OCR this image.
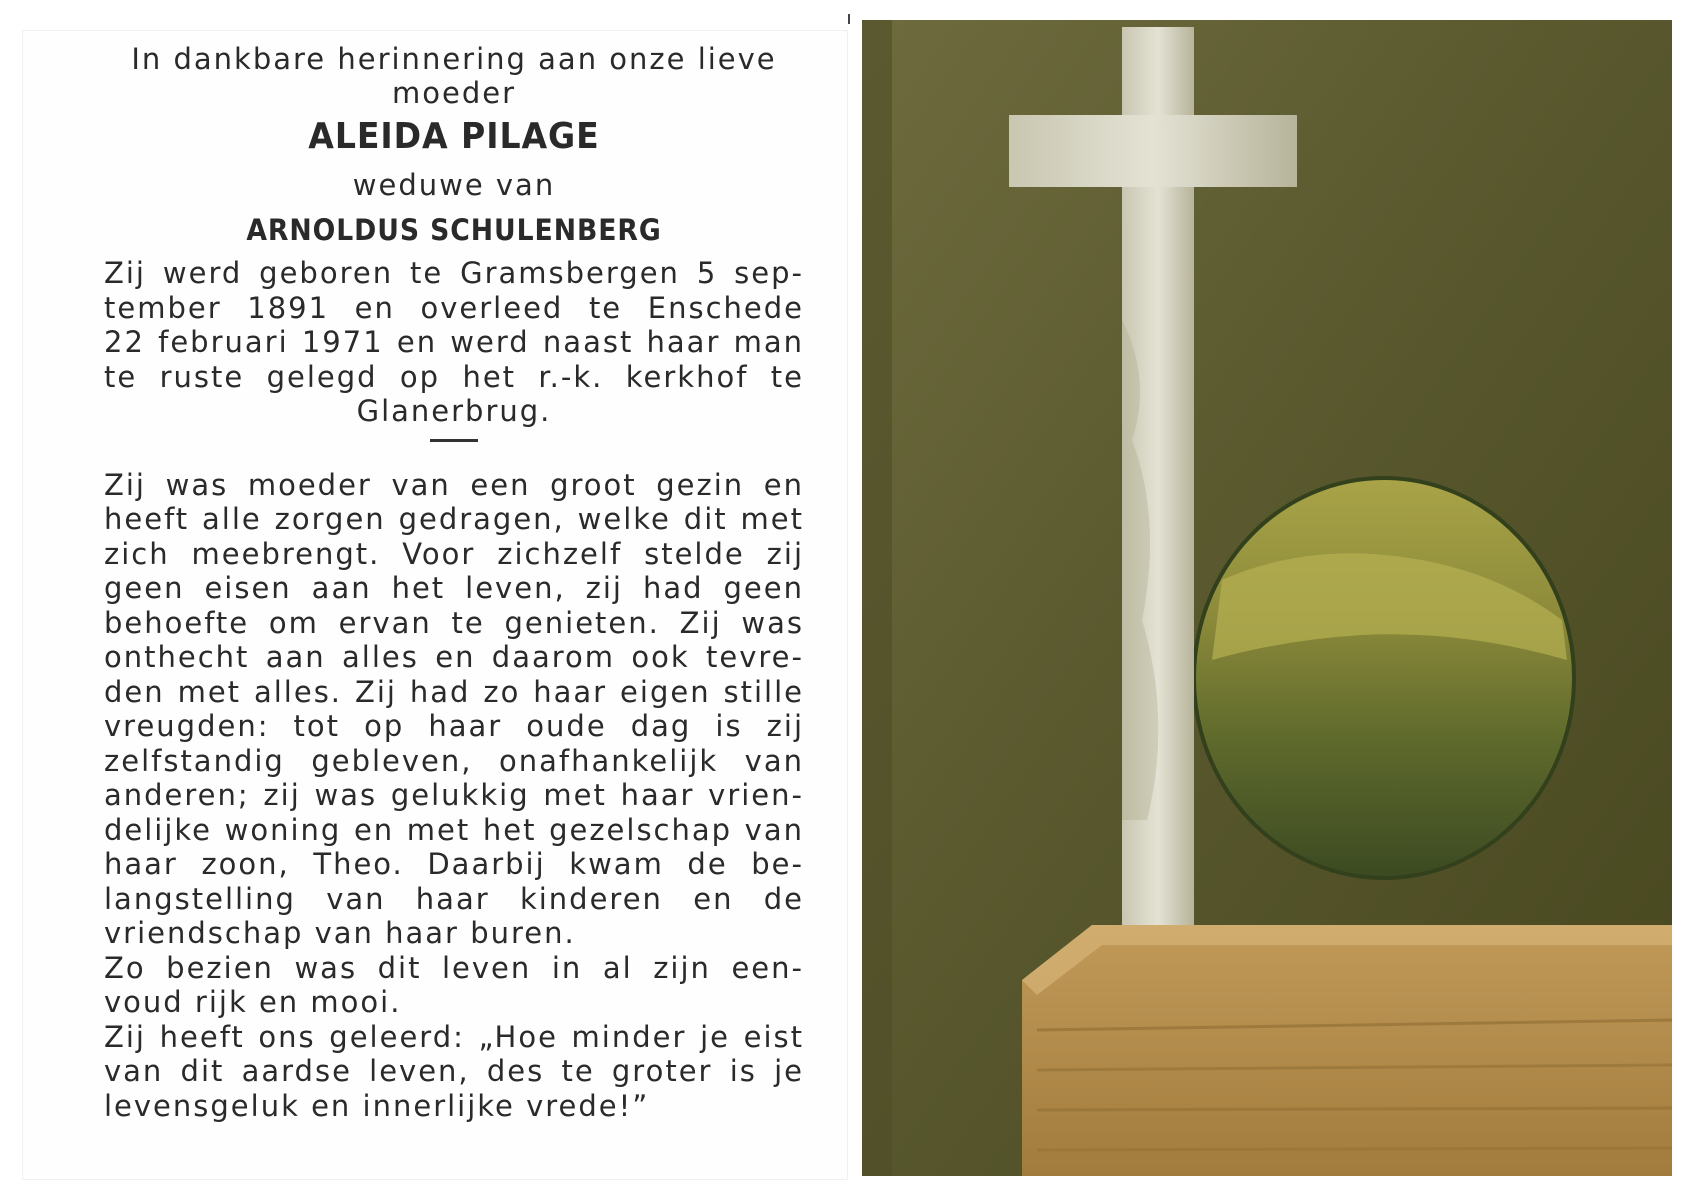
In dankbare herinnering aan onze lieve
moeder

ALEIDA PILAGE

weduwe van

ARNOLDUS SCHULENBERG

Zij werd geboren te Gramsbergen 5 sep-
tember 1891 en overleed te Enschede
22 februari 1971 en werd naast haar man
te ruste gelegd op het r.-k. kerkhof te
Glanerbrug.

Zij was moeder van een groot gezin en
heeft alle zorgen gedragen, welke dit met
zich meebrengt. Voor zichzelf stelde zij
geen eisen aan het leven, zij had geen
behoefte om ervan te genieten. Zij was
onthecht aan alles en daarom ook tevre-
den met alles. Zij had zo haar eigen stille
vreugden: tot op haar oude dag is zij
zelfstandig gebleven, onafhankelijk van
anderen; zij was gelukkig met haar vrien-
delijke woning en met het gezelschap van
haar zoon, Theo. Daarbij kwam de be-
langstelling van haar kinderen en de
vriendschap van haar buren.

Zo bezien was dit leven in al zijn een-
voud rijk en mooi.

Zij heeft ons geleerd: „Hoe minder je eist
van dit aardse leven, des te groter is je
levensgeluk en innerlijke vrede!”
